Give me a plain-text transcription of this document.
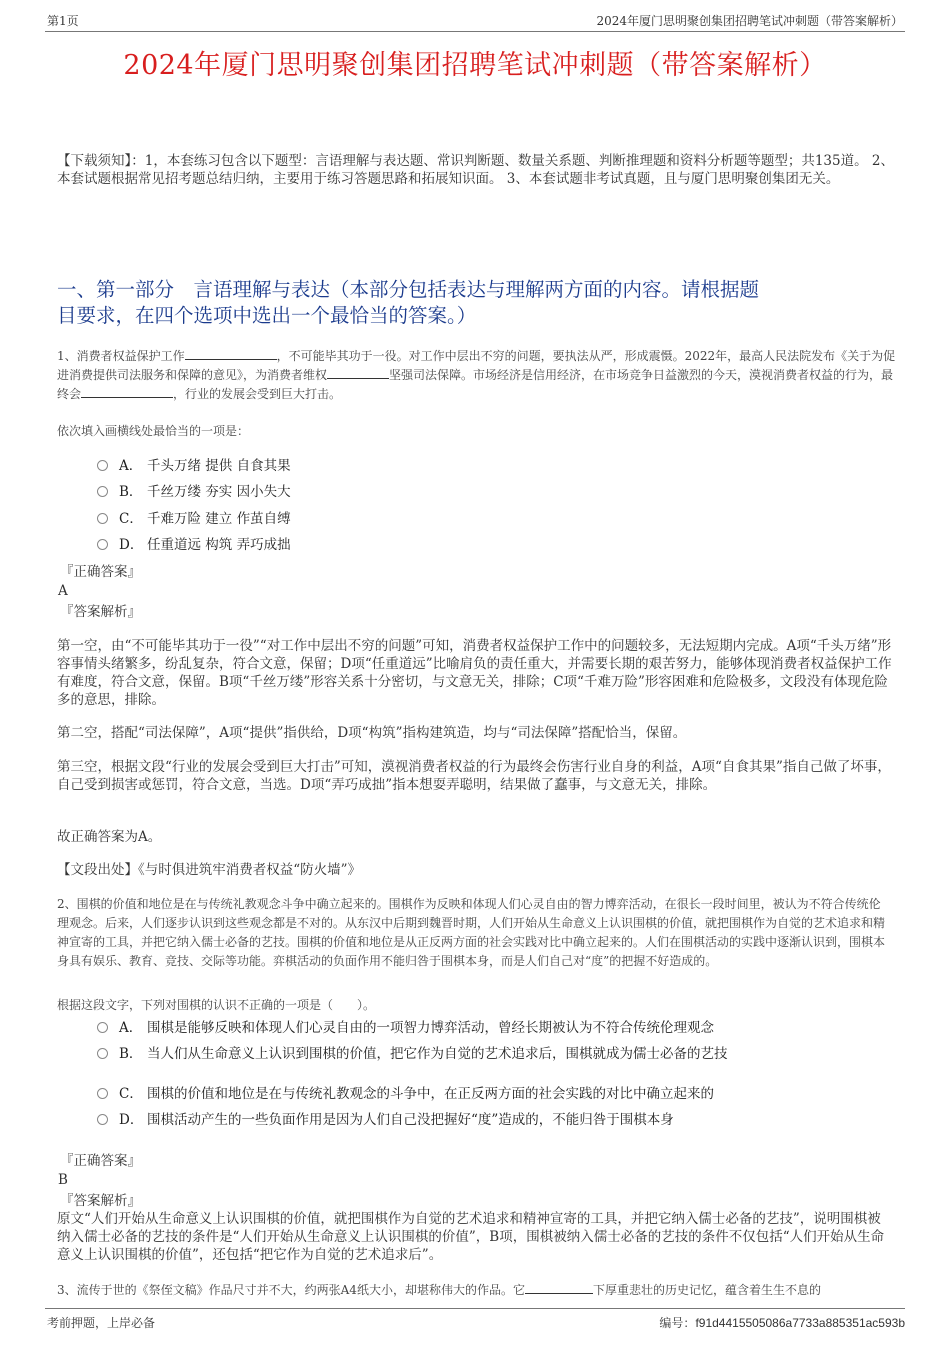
第1页	2024年厦门思明聚创集团招聘笔试冲刺题（带答案解析）
2024年厦门思明聚创集团招聘笔试冲刺题（带答案解析）
【下载须知】：1，本套练习包含以下题型：言语理解与表达题、常识判断题、数量关系题、判断推理题和资料分析题等题型；共135道。 2、本套试题根据常见招考题总结归纳，主要用于练习答题思路和拓展知识面。 3、本套试题非考试真题，且与厦门思明聚创集团无关。
一、第一部分　言语理解与表达（本部分包括表达与理解两方面的内容。请根据题
目要求，在四个选项中选出一个最恰当的答案。）
1、消费者权益保护工作	，不可能毕其功于一役。对工作中层出不穷的问题，要执法从严，形成震慑。2022年，最高人民法院发布《关于为促进消费提供司法服务和保障的意见》，为消费者维权	坚强司法保障。市场经济是信用经济，在市场竞争日益激烈的今天，漠视消费者权益的行为，最终会	，行业的发展会受到巨大打击。
依次填入画横线处最恰当的一项是：
A． 千头万绪 提供 自食其果
B． 千丝万缕 夯实 因小失大
C． 千难万险 建立 作茧自缚
D． 任重道远 构筑 弄巧成拙
『正确答案』
A
『答案解析』
第一空，由“不可能毕其功于一役”“对工作中层出不穷的问题”可知，消费者权益保护工作中的问题较多，无法短期内完成。A项“千头万绪”形容事情头绪繁多，纷乱复杂，符合文意，保留；D项“任重道远”比喻肩负的责任重大，并需要长期的艰苦努力，能够体现消费者权益保护工作有难度，符合文意，保留。B项“千丝万缕”形容关系十分密切，与文意无关，排除；C项“千难万险”形容困难和危险极多，文段没有体现危险多的意思，排除。
第二空，搭配“司法保障”，A项“提供”指供给，D项“构筑”指构建筑造，均与“司法保障”搭配恰当，保留。
第三空，根据文段“行业的发展会受到巨大打击”可知，漠视消费者权益的行为最终会伤害行业自身的利益，A项“自食其果”指自己做了坏事，自己受到损害或惩罚，符合文意，当选。D项“弄巧成拙”指本想耍弄聪明，结果做了蠢事，与文意无关，排除。
故正确答案为A。
【文段出处】《与时俱进筑牢消费者权益“防火墙”》
2、围棋的价值和地位是在与传统礼教观念斗争中确立起来的。围棋作为反映和体现人们心灵自由的智力博弈活动，在很长一段时间里，被认为不符合传统伦理观念。后来，人们逐步认识到这些观念都是不对的。从东汉中后期到魏晋时期，人们开始从生命意义上认识围棋的价值，就把围棋作为自觉的艺术追求和精神宣寄的工具，并把它纳入儒士必备的艺技。围棋的价值和地位是从正反两方面的社会实践对比中确立起来的。人们在围棋活动的实践中逐渐认识到，围棋本身具有娱乐、教育、竞技、交际等功能。弈棋活动的负面作用不能归咎于围棋本身，而是人们自己对“度”的把握不好造成的。
根据这段文字，下列对围棋的认识不正确的一项是（　　）。
A． 围棋是能够反映和体现人们心灵自由的一项智力博弈活动，曾经长期被认为不符合传统伦理观念
B． 当人们从生命意义上认识到围棋的价值，把它作为自觉的艺术追求后，围棋就成为儒士必备的艺技
C． 围棋的价值和地位是在与传统礼教观念的斗争中，在正反两方面的社会实践的对比中确立起来的
D． 围棋活动产生的一些负面作用是因为人们自己没把握好“度”造成的，不能归咎于围棋本身
『正确答案』
B
『答案解析』
原文“人们开始从生命意义上认识围棋的价值，就把围棋作为自觉的艺术追求和精神宣寄的工具，并把它纳入儒士必备的艺技”，说明围棋被纳入儒士必备的艺技的条件是“人们开始从生命意义上认识围棋的价值”，B项，围棋被纳入儒士必备的艺技的条件不仅包括“人们开始从生命意义上认识围棋的价值”，还包括“把它作为自觉的艺术追求后”。
3、流传于世的《祭侄文稿》作品尺寸并不大，约两张A4纸大小，却堪称伟大的作品。它	下厚重悲壮的历史记忆，蕴含着生生不息的
考前押题，上岸必备	编号：f91d4415505086a7733a885351ac593b
